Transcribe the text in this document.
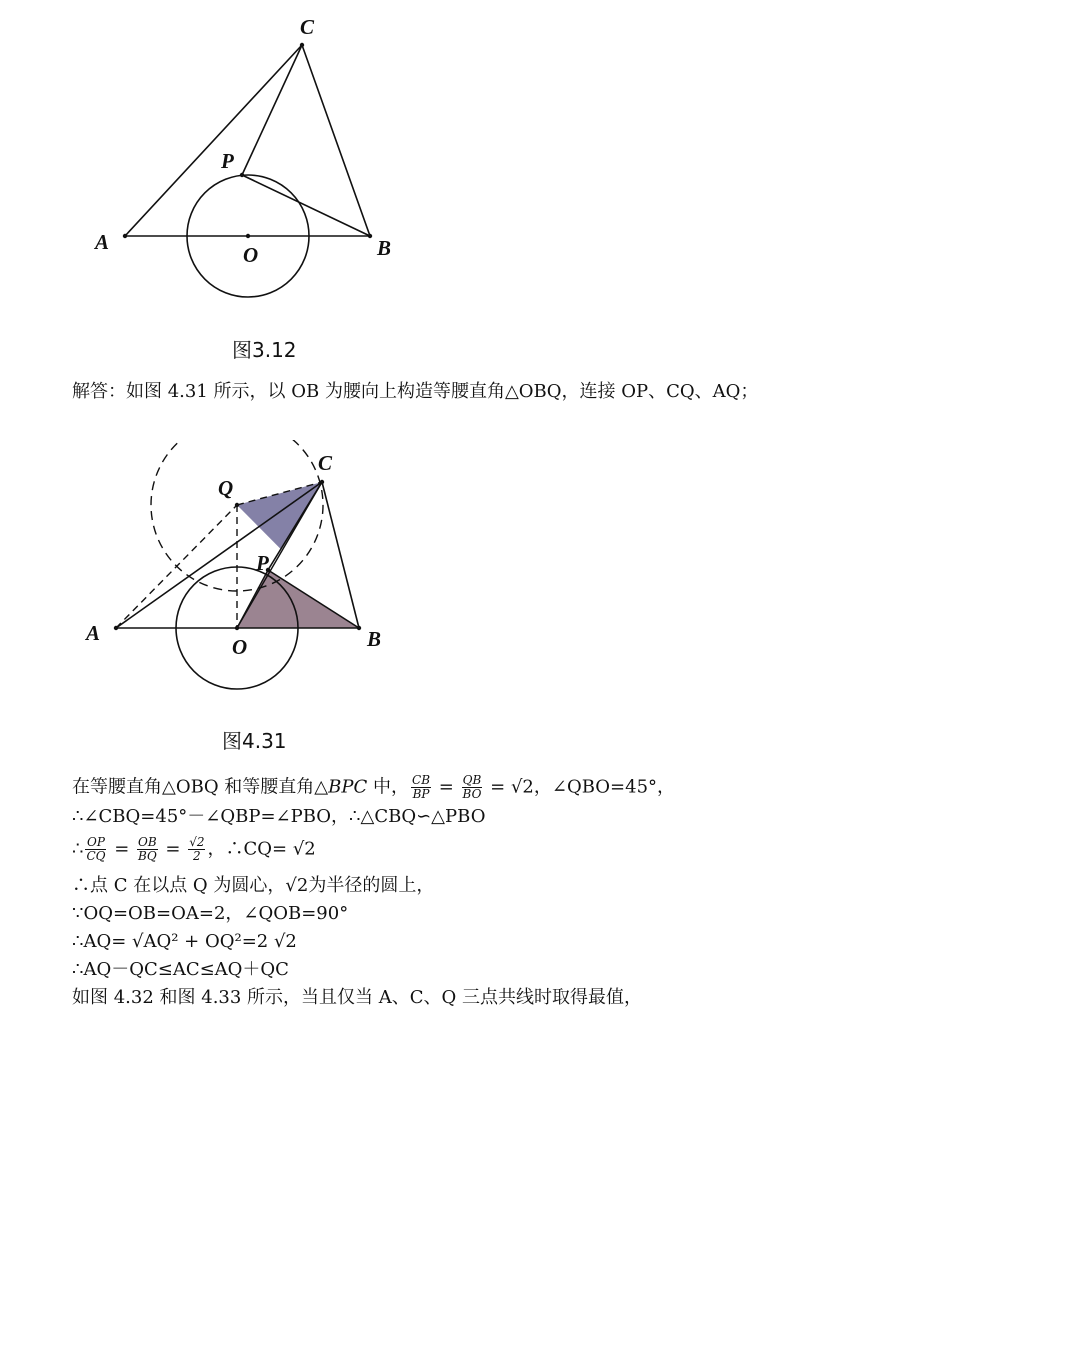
C
P
A
O	B
图3.12
解答：如图 4.31 所示，以 OB 为腰向上构造等腰直角△OBQ，连接 OP、CQ、AQ；
C
Q
P
A
O	B
图4.31
在等腰直角△OBQ 和等腰直角△BPC 中， $\frac{CB}{BP} = \frac{QB}{BO} = √2$，∠QBO=45°，
∴∠CBQ=45°－∠QBP=∠PBO，∴△CBQ∽△PBO
∴ $\frac{OP}{CQ} = \frac{OB}{BQ} = \frac{√2}{2}$ ，∴CQ= √2
∴点 C 在以点 Q 为圆心，√2为半径的圆上，
∵OQ=OB=OA=2，∠QOB=90°
∴AQ= √AQ² + OQ²=2 √2
∴AQ－QC≤AC≤AQ＋QC
如图 4.32 和图 4.33 所示，当且仅当 A、C、Q 三点共线时取得最值，
